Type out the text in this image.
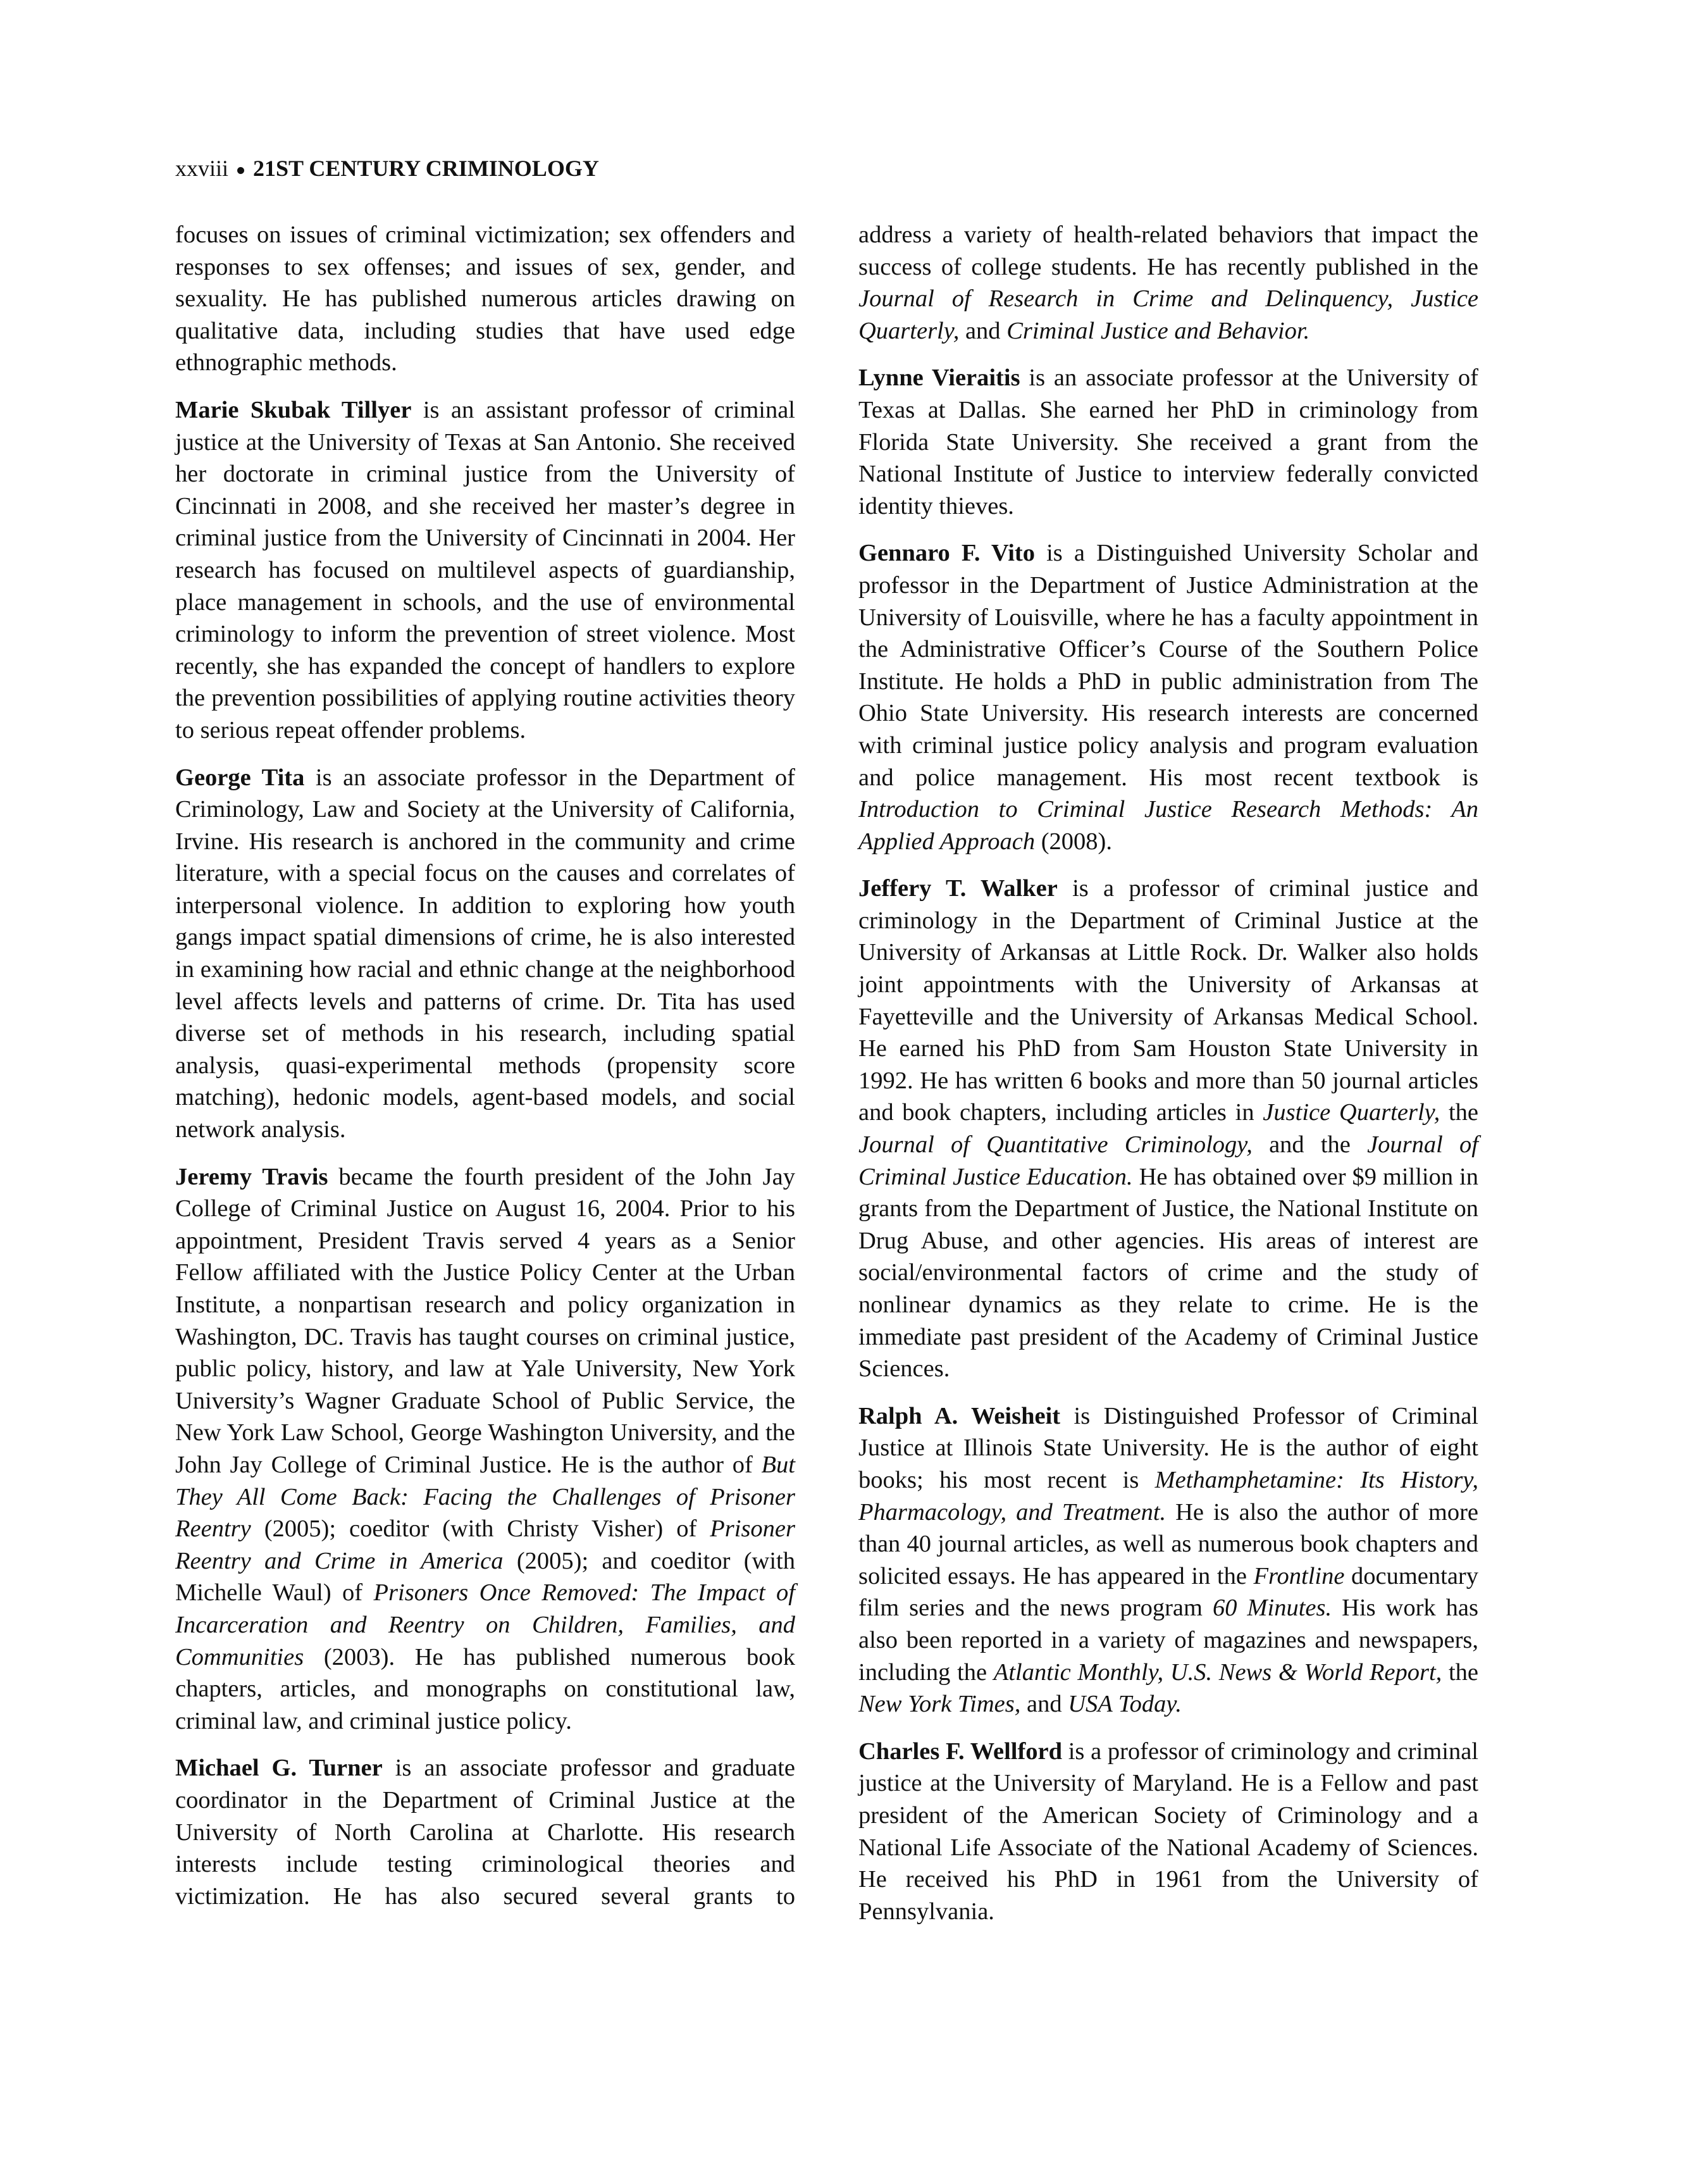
xxviii 21ST CENTURY CRIMINOLOGY

focuses on issues of criminal victimization; sex offenders and responses to sex offenses; and issues of sex, gender, and sexuality. He has published numerous articles drawing on qualitative data, including studies that have used edge ethnographic methods.

Marie Skubak Tillyer is an assistant professor of criminal justice at the University of Texas at San Antonio. She received her doctorate in criminal justice from the University of Cincinnati in 2008, and she received her master’s degree in criminal justice from the University of Cincinnati in 2004. Her research has focused on multilevel aspects of guardianship, place management in schools, and the use of environmental criminology to inform the prevention of street violence. Most recently, she has expanded the concept of handlers to explore the prevention possibilities of applying routine activities theory to serious repeat offender problems.

George Tita is an associate professor in the Department of Criminology, Law and Society at the University of California, Irvine. His research is anchored in the community and crime literature, with a special focus on the causes and correlates of interpersonal violence. In addition to exploring how youth gangs impact spatial dimensions of crime, he is also interested in examining how racial and ethnic change at the neighborhood level affects levels and patterns of crime. Dr. Tita has used diverse set of methods in his research, including spatial analysis, quasi-experimental methods (propensity score matching), hedonic models, agent-based models, and social network analysis.

Jeremy Travis became the fourth president of the John Jay College of Criminal Justice on August 16, 2004. Prior to his appointment, President Travis served 4 years as a Senior Fellow affiliated with the Justice Policy Center at the Urban Institute, a nonpartisan research and policy organization in Washington, DC. Travis has taught courses on criminal justice, public policy, history, and law at Yale University, New York University’s Wagner Graduate School of Public Service, the New York Law School, George Washington University, and the John Jay College of Criminal Justice. He is the author of But They All Come Back: Facing the Challenges of Prisoner Reentry (2005); coeditor (with Christy Visher) of Prisoner Reentry and Crime in America (2005); and coeditor (with Michelle Waul) of Prisoners Once Removed: The Impact of Incarceration and Reentry on Children, Families, and Communities (2003). He has published numerous book chapters, articles, and monographs on constitutional law, criminal law, and criminal justice policy.

Michael G. Turner is an associate professor and graduate coordinator in the Department of Criminal Justice at the University of North Carolina at Charlotte. His research interests include testing criminological theories and victimization. He has also secured several grants to

address a variety of health-related behaviors that impact the success of college students. He has recently published in the Journal of Research in Crime and Delinquency, Justice Quarterly, and Criminal Justice and Behavior.

Lynne Vieraitis is an associate professor at the University of Texas at Dallas. She earned her PhD in criminology from Florida State University. She received a grant from the National Institute of Justice to interview federally convicted identity thieves.

Gennaro F. Vito is a Distinguished University Scholar and professor in the Department of Justice Administration at the University of Louisville, where he has a faculty appointment in the Administrative Officer’s Course of the Southern Police Institute. He holds a PhD in public administration from The Ohio State University. His research interests are concerned with criminal justice policy analysis and program evaluation and police management. His most recent textbook is Introduction to Criminal Justice Research Methods: An Applied Approach (2008).

Jeffery T. Walker is a professor of criminal justice and criminology in the Department of Criminal Justice at the University of Arkansas at Little Rock. Dr. Walker also holds joint appointments with the University of Arkansas at Fayetteville and the University of Arkansas Medical School. He earned his PhD from Sam Houston State University in 1992. He has written 6 books and more than 50 journal articles and book chapters, including articles in Justice Quarterly, the Journal of Quantitative Criminology, and the Journal of Criminal Justice Education. He has obtained over $9 million in grants from the Department of Justice, the National Institute on Drug Abuse, and other agencies. His areas of interest are social/environmental factors of crime and the study of nonlinear dynamics as they relate to crime. He is the immediate past president of the Academy of Criminal Justice Sciences.

Ralph A. Weisheit is Distinguished Professor of Criminal Justice at Illinois State University. He is the author of eight books; his most recent is Methamphetamine: Its History, Pharmacology, and Treatment. He is also the author of more than 40 journal articles, as well as numerous book chapters and solicited essays. He has appeared in the Frontline documentary film series and the news program 60 Minutes. His work has also been reported in a variety of magazines and newspapers, including the Atlantic Monthly, U.S. News & World Report, the New York Times, and USA Today.

Charles F. Wellford is a professor of criminology and criminal justice at the University of Maryland. He is a Fellow and past president of the American Society of Criminology and a National Life Associate of the National Academy of Sciences. He received his PhD in 1961 from the University of Pennsylvania.
